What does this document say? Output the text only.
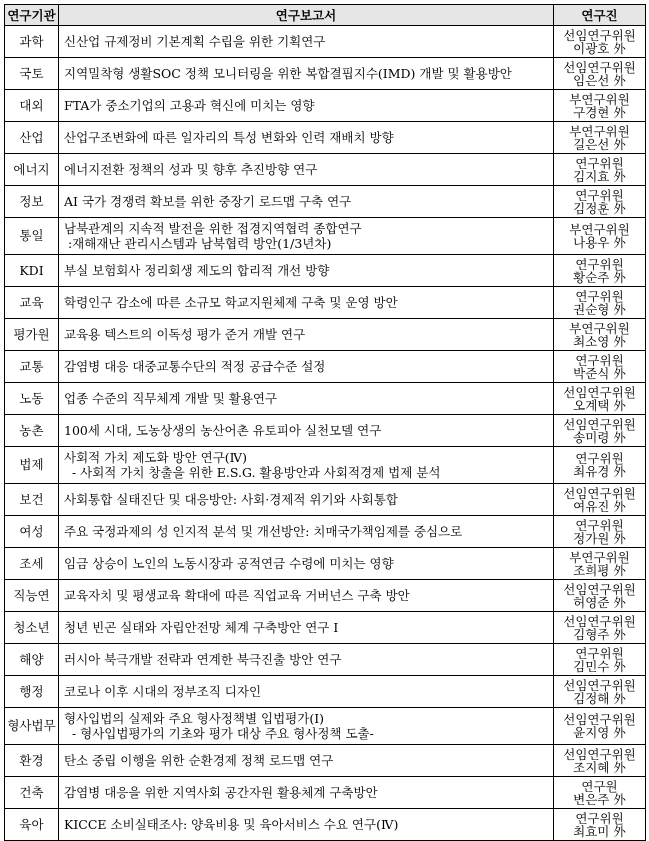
연구기관	연구보고서	연구진
과학	신산업 규제정비 기본계획 수립을 위한 기획연구	선임연구위원
이광호 外

국토	지역밀착형 생활SOC 정책 모니터링을 위한 복합결핍지수(IMD) 개발 및 활용방안	선임연구위원
임은선 外

대외	FTA가 중소기업의 고용과 혁신에 미치는 영향	부연구위원
구경현 外

산업	산업구조변화에 따른 일자리의 특성 변화와 인력 재배치 방향	부연구위원
길은선 外

에너지	에너지전환 정책의 성과 및 향후 추진방향 연구	연구위원
김지효 外

정보	AI 국가 경쟁력 확보를 위한 중장기 로드맵 구축 연구	연구위원
김정훈 外

통일	남북관계의 지속적 발전을 위한 접경지역협력 종합연구
:재해재난 관리시스템과 남북협력 방안(1/3년차)	부연구위원
나용우 外

KDI	부실 보험회사 정리회생 제도의 합리적 개선 방향	연구위원
황순주 外

교육	학령인구 감소에 따른 소규모 학교지원체제 구축 및 운영 방안	연구위원
권순형 外

평가원	교육용 텍스트의 이독성 평가 준거 개발 연구	부연구위원
최소영 外

교통	감염병 대응 대중교통수단의 적정 공급수준 설정	연구위원
박준식 外

노동	업종 수준의 직무체계 개발 및 활용연구	선임연구위원
오계택 外

농촌	100세 시대, 도농상생의 농산어촌 유토피아 실천모델 연구	선임연구위원
송미령 外

법제	사회적 가치 제도화 방안 연구(Ⅳ)
- 사회적 가치 창출을 위한 E.S.G. 활용방안과 사회적경제 법제 분석	연구위원
최유경 外

보건	사회통합 실태진단 및 대응방안: 사회·경제적 위기와 사회통합	선임연구위원
여유진 外

여성	주요 국정과제의 성 인지적 분석 및 개선방안: 치매국가책임제를 중심으로	연구위원
정가원 外

조세	임금 상승이 노인의 노동시장과 공적연금 수령에 미치는 영향	부연구위원
조희평 外

직능연	교육자치 및 평생교육 확대에 따른 직업교육 거버넌스 구축 방안	선임연구위원
허영준 外

청소년	청년 빈곤 실태와 자립안전망 체계 구축방안 연구 Ⅰ	선임연구위원
김형주 外

해양	러시아 북극개발 전략과 연계한 북극진출 방안 연구	연구위원
김민수 外

행정	코로나 이후 시대의 정부조직 디자인	선임연구위원
김정해 外

형사법무	형사입법의 실제와 주요 형사정책별 입법평가(Ⅰ)
- 형사입법평가의 기초와 평가 대상 주요 형사정책 도출-	선임연구위원
윤지영 外

환경	탄소 중립 이행을 위한 순환경제 정책 로드맵 연구	선임연구위원
조지혜 外

건축	감염병 대응을 위한 지역사회 공간자원 활용체계 구축방안	연구원
변은주 外

육아	KICCE 소비실태조사: 양육비용 및 육아서비스 수요 연구(Ⅳ)	연구위원
최효미 外
